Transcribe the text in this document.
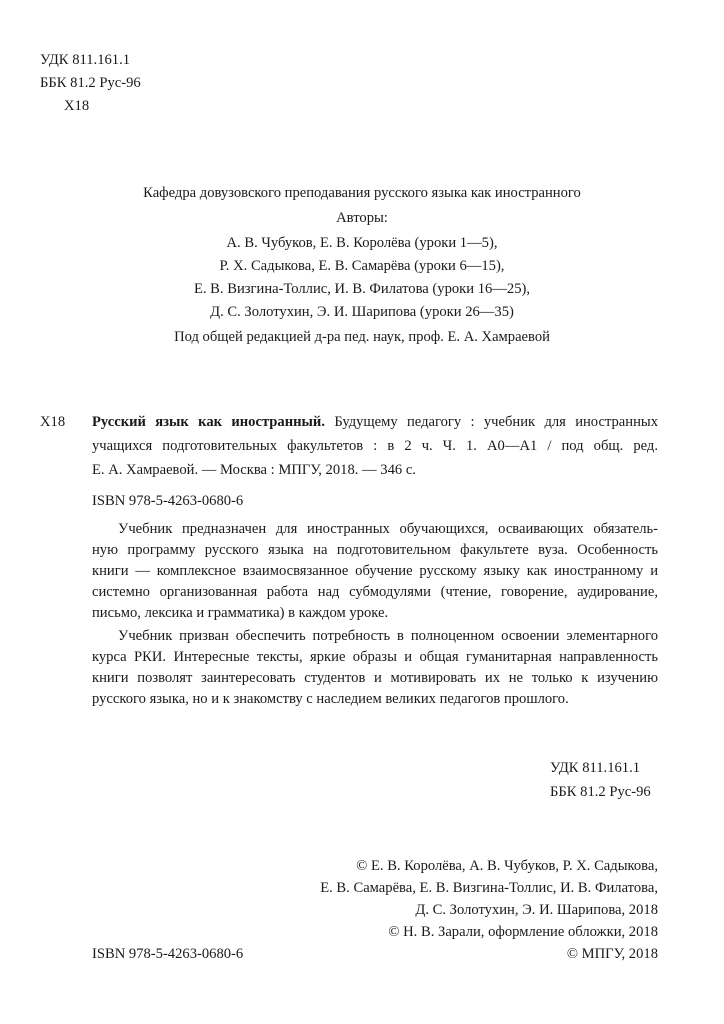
УДК 811.161.1
ББК 81.2 Рус-96
Х18
Кафедра довузовского преподавания русского языка как иностранного
Авторы:
А. В. Чубуков, Е. В. Королёва (уроки 1—5),
Р. Х. Садыкова, Е. В. Самарёва (уроки 6—15),
Е. В. Визгина-Толлис, И. В. Филатова (уроки 16—25),
Д. С. Золотухин, Э. И. Шарипова (уроки 26—35)
Под общей редакцией д-ра пед. наук, проф. Е. А. Хамраевой
Х18 Русский язык как иностранный. Будущему педагогу : учебник для иностранных
учащихся подготовительных факультетов : в 2 ч. Ч. 1. А0—А1 / под общ. ред.
Е. А. Хамраевой. — Москва : МПГУ, 2018. — 346 с.
ISBN 978-5-4263-0680-6
Учебник предназначен для иностранных обучающихся, осваивающих обязатель-
ную программу русского языка на подготовительном факультете вуза. Особенность
книги — комплексное взаимосвязанное обучение русскому языку как иностранному и
системно организованная работа над субмодулями (чтение, говорение, аудирование,
письмо, лексика и грамматика) в каждом уроке.
Учебник призван обеспечить потребность в полноценном освоении элементарного
курса РКИ. Интересные тексты, яркие образы и общая гуманитарная направленность
книги позволят заинтересовать студентов и мотивировать их не только к изучению
русского языка, но и к знакомству с наследием великих педагогов прошлого.
УДК 811.161.1
ББК 81.2 Рус-96
© Е. В. Королёва, А. В. Чубуков, Р. Х. Садыкова,
Е. В. Самарёва, Е. В. Визгина-Толлис, И. В. Филатова,
Д. С. Золотухин, Э. И. Шарипова, 2018
© Н. В. Зарали, оформление обложки, 2018
© МПГУ, 2018
ISBN 978-5-4263-0680-6
